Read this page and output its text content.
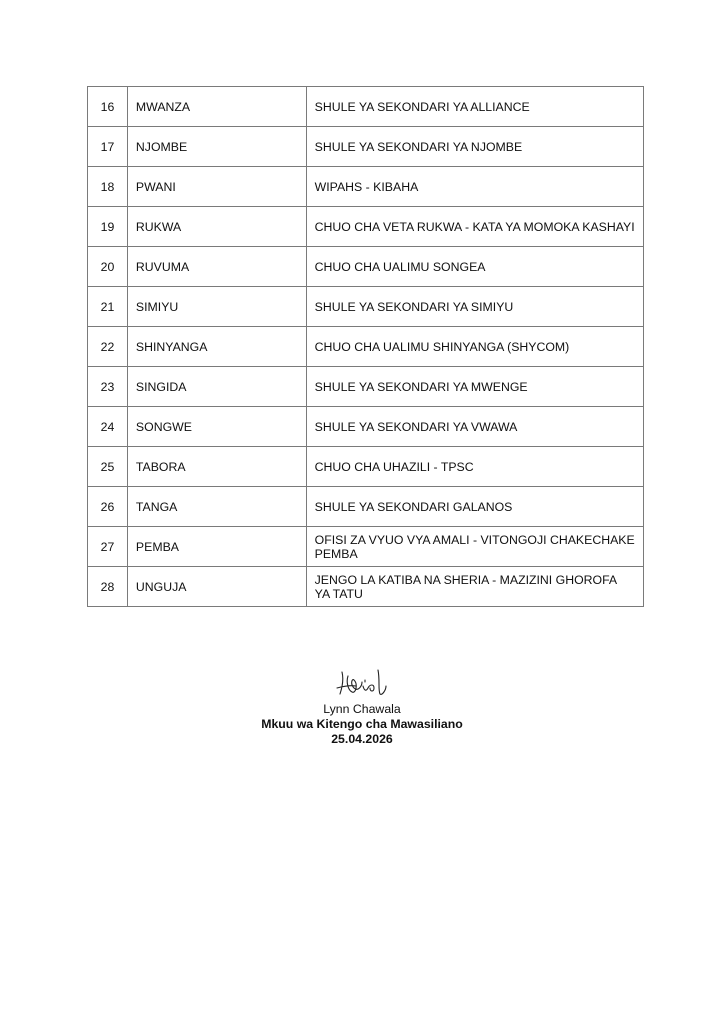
16	MWANZA	SHULE YA SEKONDARI YA ALLIANCE
17	NJOMBE	SHULE YA SEKONDARI YA NJOMBE
18	PWANI	WIPAHS - KIBAHA
19	RUKWA	CHUO CHA VETA RUKWA - KATA YA MOMOKA KASHAYI
20	RUVUMA	CHUO CHA UALIMU SONGEA
21	SIMIYU	SHULE YA SEKONDARI YA SIMIYU
22	SHINYANGA	CHUO CHA UALIMU SHINYANGA (SHYCOM)
23	SINGIDA	SHULE YA SEKONDARI YA MWENGE
24	SONGWE	SHULE YA SEKONDARI YA VWAWA
25	TABORA	CHUO CHA UHAZILI - TPSC
26	TANGA	SHULE YA SEKONDARI GALANOS
27	PEMBA	OFISI ZA VYUO VYA AMALI - VITONGOJI CHAKECHAKE PEMBA
28	UNGUJA	JENGO LA KATIBA NA SHERIA - MAZIZINI GHOROFA YA TATU
Lynn Chawala
Mkuu wa Kitengo cha Mawasiliano
25.04.2026
